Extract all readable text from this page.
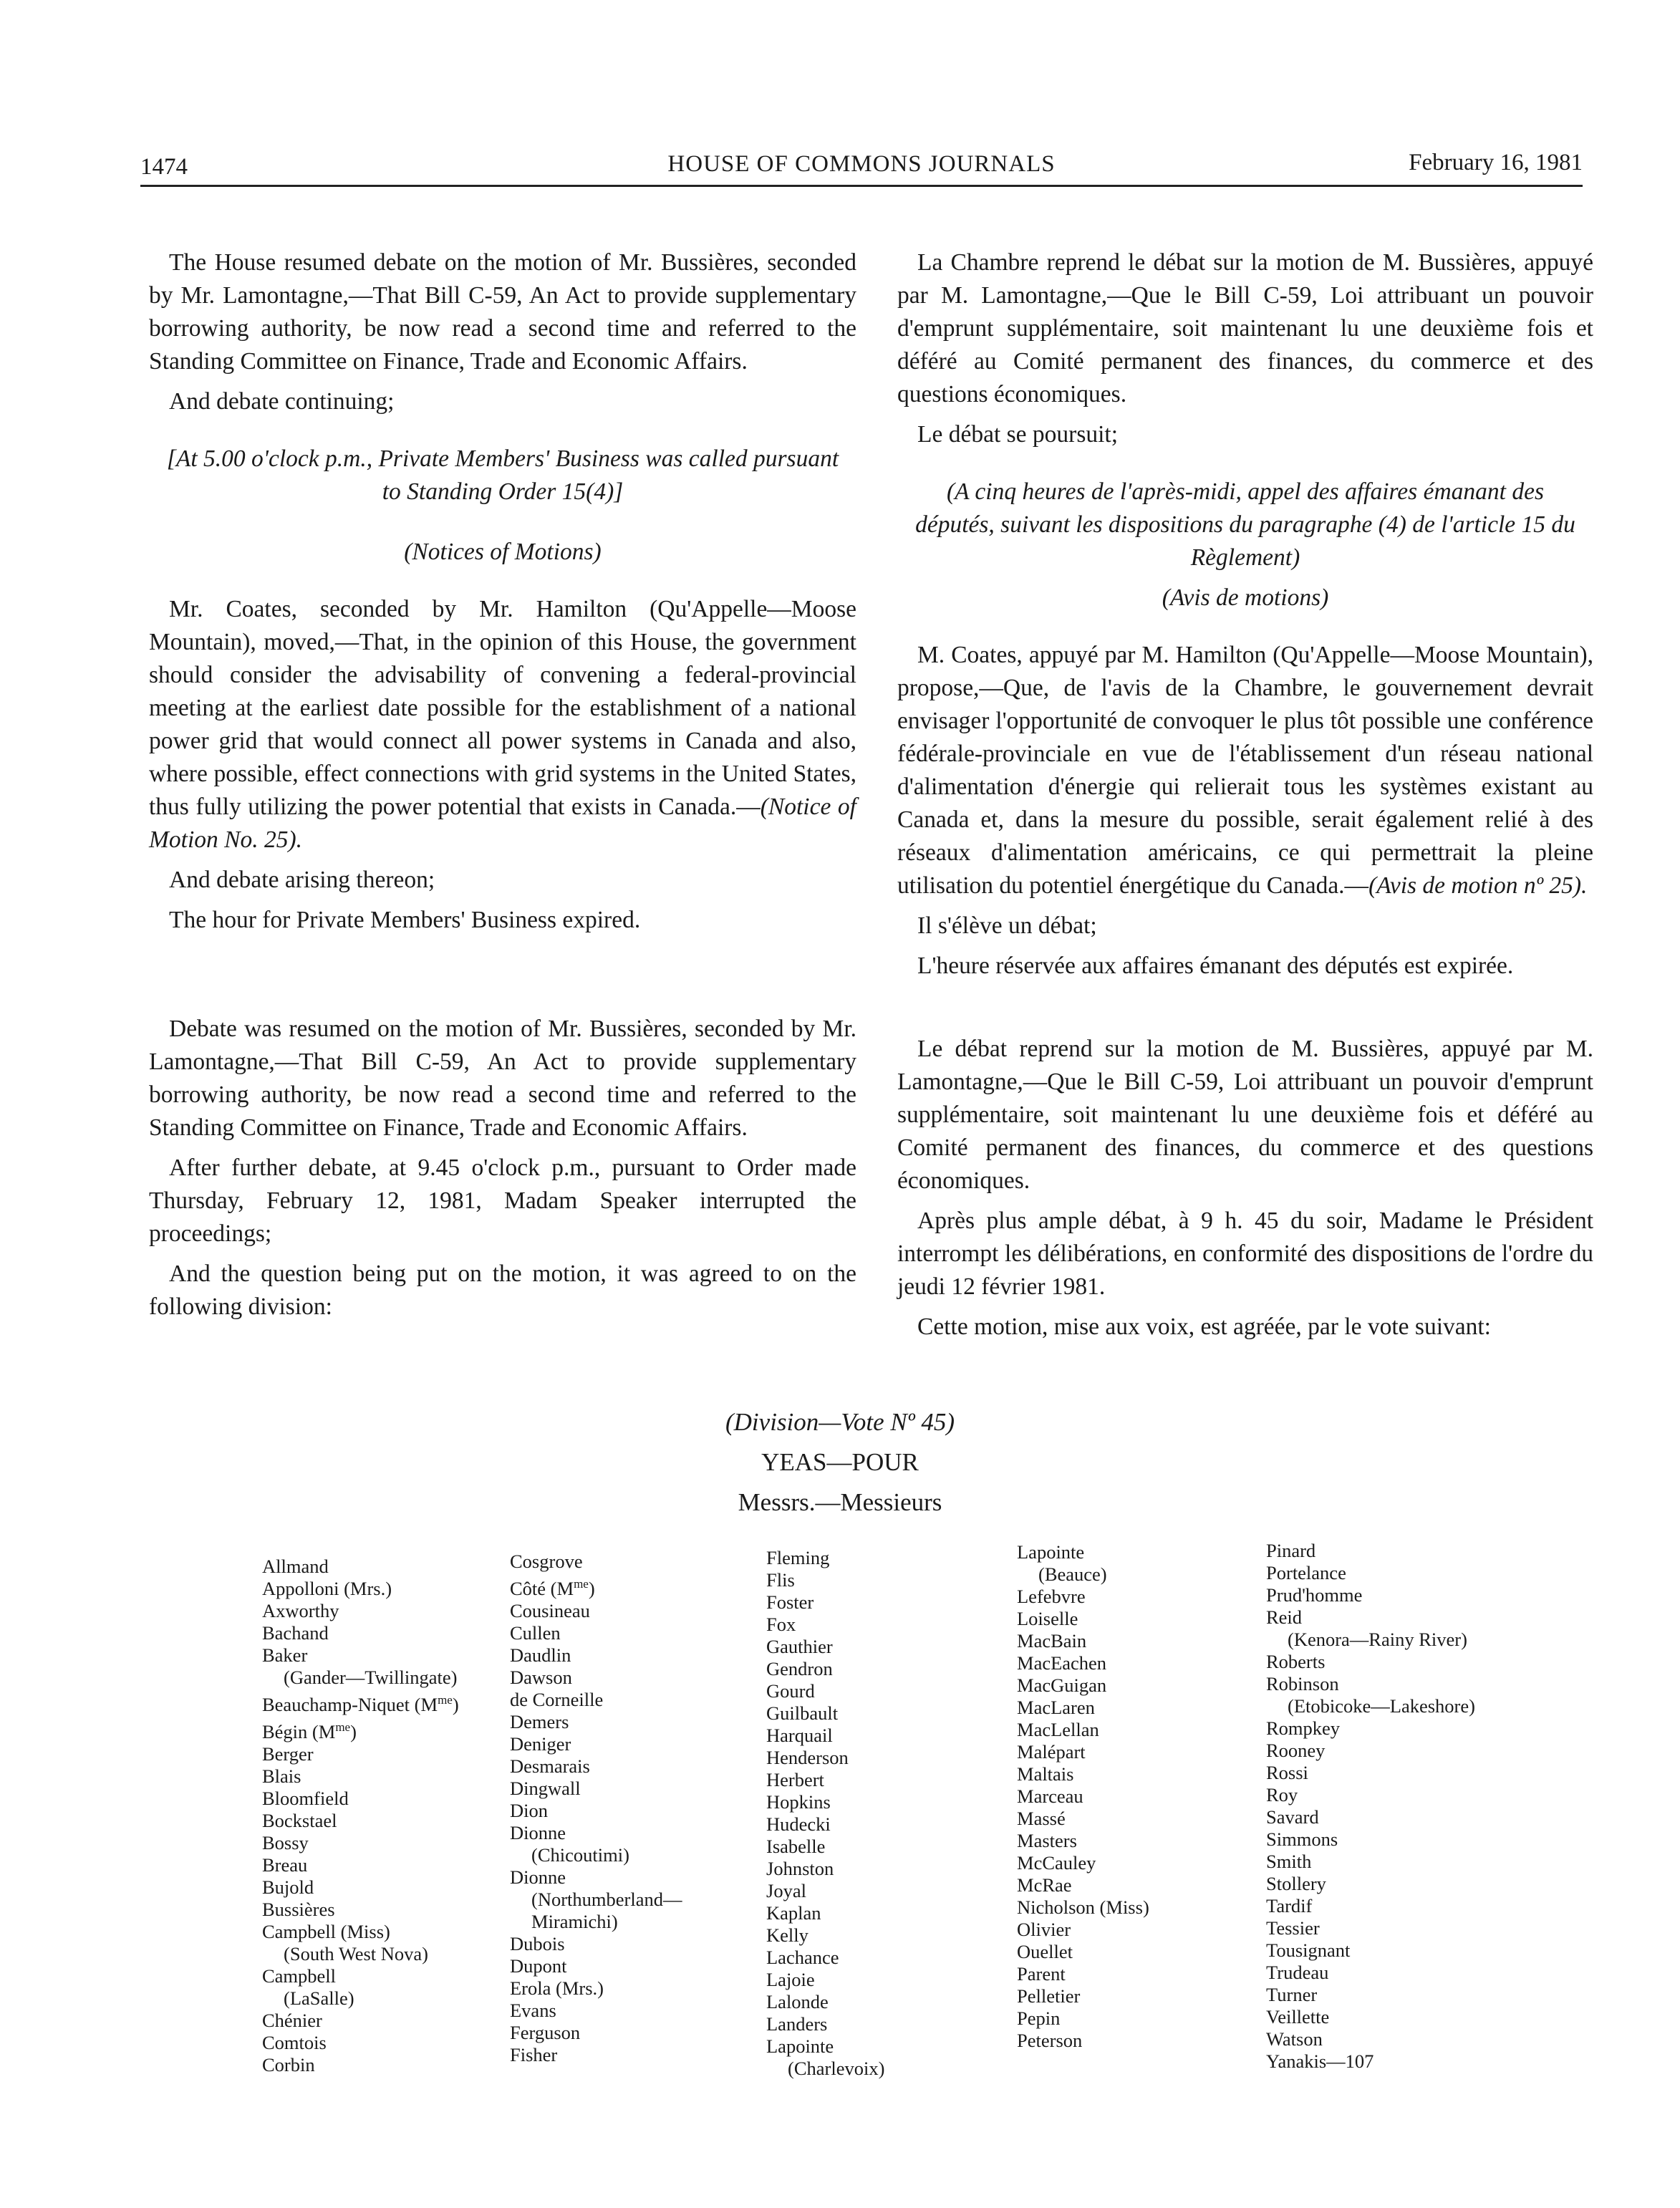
1474	HOUSE OF COMMONS JOURNALS	February 16, 1981

The House resumed debate on the motion of Mr. Bussières, seconded by Mr. Lamontagne,—That Bill C-59, An Act to provide supplementary borrowing authority, be now read a second time and referred to the Standing Committee on Finance, Trade and Economic Affairs.

And debate continuing;

[At 5.00 o'clock p.m., Private Members' Business was called pursuant to Standing Order 15(4)]

(Notices of Motions)

Mr. Coates, seconded by Mr. Hamilton (Qu'Appelle—Moose Mountain), moved,—That, in the opinion of this House, the government should consider the advisability of convening a federal-provincial meeting at the earliest date possible for the establishment of a national power grid that would connect all power systems in Canada and also, where possible, effect connections with grid systems in the United States, thus fully utilizing the power potential that exists in Canada.—(Notice of Motion No. 25).

And debate arising thereon;

The hour for Private Members' Business expired.

Debate was resumed on the motion of Mr. Bussières, seconded by Mr. Lamontagne,—That Bill C-59, An Act to provide supplementary borrowing authority, be now read a second time and referred to the Standing Committee on Finance, Trade and Economic Affairs.

After further debate, at 9.45 o'clock p.m., pursuant to Order made Thursday, February 12, 1981, Madam Speaker interrupted the proceedings;

And the question being put on the motion, it was agreed to on the following division:

La Chambre reprend le débat sur la motion de M. Bussières, appuyé par M. Lamontagne,—Que le Bill C-59, Loi attribuant un pouvoir d'emprunt supplémentaire, soit maintenant lu une deuxième fois et déféré au Comité permanent des finances, du commerce et des questions économiques.

Le débat se poursuit;

(A cinq heures de l'après-midi, appel des affaires émanant des députés, suivant les dispositions du paragraphe (4) de l'article 15 du Règlement)

(Avis de motions)

M. Coates, appuyé par M. Hamilton (Qu'Appelle—Moose Mountain), propose,—Que, de l'avis de la Chambre, le gouvernement devrait envisager l'opportunité de convoquer le plus tôt possible une conférence fédérale-provinciale en vue de l'établissement d'un réseau national d'alimentation d'énergie qui relierait tous les systèmes existant au Canada et, dans la mesure du possible, serait également relié à des réseaux d'alimentation américains, ce qui permettrait la pleine utilisation du potentiel énergétique du Canada.—(Avis de motion nº 25).

Il s'élève un débat;

L'heure réservée aux affaires émanant des députés est expirée.

Le débat reprend sur la motion de M. Bussières, appuyé par M. Lamontagne,—Que le Bill C-59, Loi attribuant un pouvoir d'emprunt supplémentaire, soit maintenant lu une deuxième fois et déféré au Comité permanent des finances, du commerce et des questions économiques.

Après plus ample débat, à 9 h. 45 du soir, Madame le Président interrompt les délibérations, en conformité des dispositions de l'ordre du jeudi 12 février 1981.

Cette motion, mise aux voix, est agréée, par le vote suivant:

(Division—Vote Nº 45)
YEAS—POUR
Messrs.—Messieurs
Allmand
Appolloni (Mrs.)
Axworthy
Bachand
Baker
(Gander—Twillingate)
Beauchamp-Niquet $(M^{me})$
Bégin $(M^{me})$
Berger
Blais
Bloomfield
Bockstael
Bossy
Breau
Bujold
Bussières
Campbell (Miss)
(South West Nova)
Campbell
(LaSalle)
Chénier
Comtois
Corbin
Cosgrove
Côté $(M^{me})$
Cousineau
Cullen
Daudlin
Dawson
de Corneille
Demers
Deniger
Desmarais
Dingwall
Dion
Dionne
(Chicoutimi)
Dionne
(Northumberland—
Miramichi)
Dubois
Dupont
Erola (Mrs.)
Evans
Ferguson
Fisher
Fleming
Flis
Foster
Fox
Gauthier
Gendron
Gourd
Guilbault
Harquail
Henderson
Herbert
Hopkins
Hudecki
Isabelle
Johnston
Joyal
Kaplan
Kelly
Lachance
Lajoie
Lalonde
Landers
Lapointe
(Charlevoix)
Lapointe
(Beauce)
Lefebvre
Loiselle
MacBain
MacEachen
MacGuigan
MacLaren
MacLellan
Malépart
Maltais
Marceau
Massé
Masters
McCauley
McRae
Nicholson (Miss)
Olivier
Ouellet
Parent
Pelletier
Pepin
Peterson
Pinard
Portelance
Prud'homme
Reid
(Kenora—Rainy River)
Roberts
Robinson
(Etobicoke—Lakeshore)
Rompkey
Rooney
Rossi
Roy
Savard
Simmons
Smith
Stollery
Tardif
Tessier
Tousignant
Trudeau
Turner
Veillette
Watson
Yanakis—107
